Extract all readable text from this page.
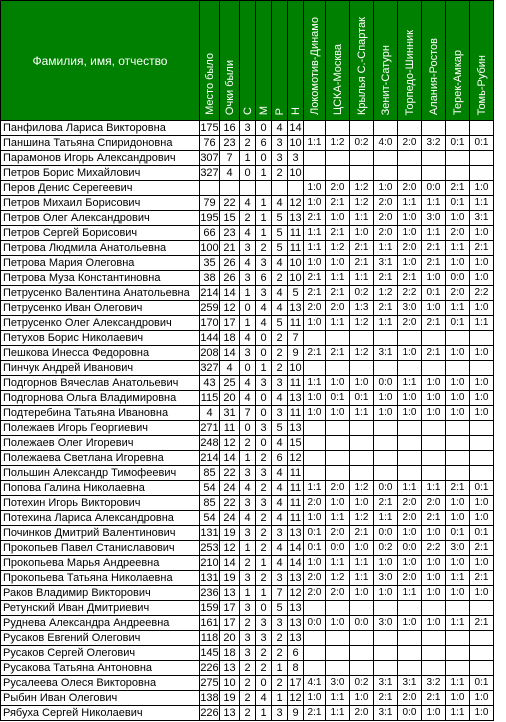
Фамилия, имя, отчество	Место было	Очки были	С	М	Р	Н	Локомотив-Динамо	ЦСКА-Москва	Крылья С.-Спартак	Зенит-Сатурн	Торпедо-Шинник	Алания-Ростов	Терек-Амкар	Томь-Рубин
Панфилова Лариса Викторовна	175	16	3	0	4	14								
Паншина Татьяна Спиридоновна	76	23	2	6	3	10	1:1	1:2	0:2	4:0	2:0	3:2	0:1	0:1
Парамонов Игорь Александрович	307	7	1	0	3	3								
Петров Борис Михайлович	327	4	0	1	2	10								
Перов Денис Серегеевич							1:0	2:0	1:2	1:0	2:0	0:0	2:1	1:0
Петров Михаил Борисович	79	22	4	1	4	12	1:0	2:1	1:2	2:0	1:1	1:1	0:1	1:1
Петров Олег Александрович	195	15	2	1	5	13	2:1	1:0	1:1	2:0	1:0	3:0	1:0	3:1
Петров Сергей Борисович	66	23	4	1	5	11	1:1	2:1	1:0	2:0	1:0	1:1	2:0	1:0
Петрова Людмила Анатольевна	100	21	3	2	5	11	1:1	1:2	2:1	1:1	2:0	2:1	1:1	2:1
Петрова Мария Олеговна	35	26	4	3	4	10	1:0	1:0	2:1	3:1	1:0	2:1	1:0	1:0
Петрова Муза Константиновна	38	26	3	6	2	10	2:1	1:1	1:1	2:1	2:1	1:0	0:0	1:0
Петрусенко Валентина Анатольевна	214	14	1	3	4	5	2:1	2:1	0:2	1:2	2:2	0:1	2:0	2:2
Петрусенко Иван Олегович	259	12	0	4	4	13	2:0	2:0	1:3	2:1	3:0	1:0	1:1	1:0
Петрусенко Олег Александрович	170	17	1	4	5	11	1:0	1:1	1:2	1:1	2:0	2:1	0:1	1:1
Петухов Борис Николаевич	144	18	4	0	2	7								
Пешкова Инесса Федоровна	208	14	3	0	2	9	2:1	2:1	1:2	3:1	1:0	2:1	1:0	1:0
Пинчук Андрей Иванович	327	4	0	1	2	10								
Подгорнов Вячеслав Анатольевич	43	25	4	3	3	11	1:1	1:0	1:0	0:0	1:1	1:0	1:0	1:0
Подгорнова Ольга Владимировна	115	20	4	0	4	13	1:0	0:1	0:1	1:0	1:0	1:0	1:0	1:0
Подтеребина Татьяна Ивановна	4	31	7	0	3	11	1:0	1:0	1:1	1:0	1:0	1:0	1:0	1:0
Полежаев Игорь Георгиевич	271	11	0	3	5	13								
Полежаев Олег Игоревич	248	12	2	0	4	15								
Полежаева Светлана Игоревна	214	14	1	2	6	12								
Польшин Александр Тимофеевич	85	22	3	3	4	11								
Попова Галина Николаевна	54	24	4	2	4	11	1:1	2:0	1:2	0:0	1:1	1:1	2:1	0:1
Потехин Игорь Викторович	85	22	3	3	4	11	2:0	1:0	1:0	2:1	2:0	2:0	1:0	1:0
Потехина Лариса Александровна	54	24	4	2	4	11	1:0	1:1	1:2	1:1	2:0	2:1	1:0	1:0
Починков Дмитрий Валентинович	131	19	3	2	3	13	0:1	2:0	2:1	0:0	1:0	1:0	0:1	0:1
Прокопьев Павел Станиславович	253	12	1	2	4	14	0:1	0:0	1:0	0:2	0:0	2:2	3:0	2:1
Прокопьева Марья Андреевна	210	14	2	1	4	14	1:0	1:1	1:1	1:0	1:0	1:0	1:0	1:0
Прокопьева Татьяна Николаевна	131	19	3	2	3	13	2:0	1:2	1:1	3:0	2:0	1:0	1:1	2:1
Раков Владимир Викторович	236	13	1	1	7	12	2:0	2:0	1:0	1:0	1:1	1:0	1:0	1:0
Ретунский Иван Дмитриевич	159	17	3	0	5	13								
Руднева Александра Андреевна	161	17	2	3	3	13	0:0	1:0	0:0	3:0	1:0	1:0	1:1	2:1
Русаков Евгений Олегович	118	20	3	3	2	13								
Русаков Сергей Олегович	145	18	3	2	2	6								
Русакова Татьяна Антоновна	226	13	2	2	1	8								
Русалеева Олеся Викторовна	275	10	2	0	2	17	4:1	3:0	0:2	3:1	3:1	3:2	1:1	0:1
Рыбин Иван Олегович	138	19	2	4	1	12	1:0	1:1	1:0	2:1	2:0	2:1	1:0	1:0
Рябуха Сергей Николаевич	226	13	2	1	3	9	2:1	1:1	2:0	3:1	0:0	1:0	1:1	1:0
